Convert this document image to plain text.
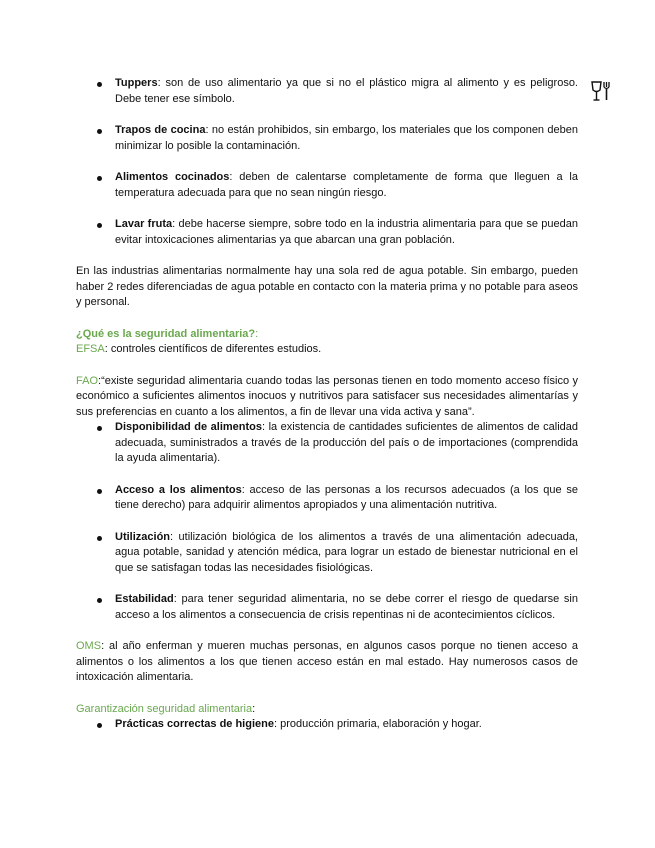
Tuppers: son de uso alimentario ya que si no el plástico migra al alimento y es peligroso. Debe tener ese símbolo.
Trapos de cocina: no están prohibidos, sin embargo, los materiales que los componen deben minimizar lo posible la contaminación.
Alimentos cocinados: deben de calentarse completamente de forma que lleguen a la temperatura adecuada para que no sean ningún riesgo.
Lavar fruta: debe hacerse siempre, sobre todo en la industria alimentaria para que se puedan evitar intoxicaciones alimentarias ya que abarcan una gran población.

En las industrias alimentarias normalmente hay una sola red de agua potable. Sin embargo, pueden haber 2 redes diferenciadas de agua potable en contacto con la materia prima y no potable para aseos y personal.

¿Qué es la seguridad alimentaria?:

EFSA: controles científicos de diferentes estudios.

FAO:“existe seguridad alimentaria cuando todas las personas tienen en todo momento acceso físico y económico a suficientes alimentos inocuos y nutritivos para satisfacer sus necesidades alimentarías y sus preferencias en cuanto a los alimentos, a fin de llevar una vida activa y sana”.

Disponibilidad de alimentos: la existencia de cantidades suficientes de alimentos de calidad adecuada, suministrados a través de la producción del país o de importaciones (comprendida la ayuda alimentaria).
Acceso a los alimentos: acceso de las personas a los recursos adecuados (a los que se tiene derecho) para adquirir alimentos apropiados y una alimentación nutritiva.
Utilización: utilización biológica de los alimentos a través de una alimentación adecuada, agua potable, sanidad y atención médica, para lograr un estado de bienestar nutricional en el que se satisfagan todas las necesidades fisiológicas.
Estabilidad: para tener seguridad alimentaria, no se debe correr el riesgo de quedarse sin acceso a los alimentos a consecuencia de crisis repentinas ni de acontecimientos cíclicos.

OMS: al año enferman y mueren muchas personas, en algunos casos porque no tienen acceso a alimentos o los alimentos a los que tienen acceso están en mal estado. Hay numerosos casos de intoxicación alimentaria.

Garantización seguridad alimentaria:

Prácticas correctas de higiene: producción primaria, elaboración y hogar.
